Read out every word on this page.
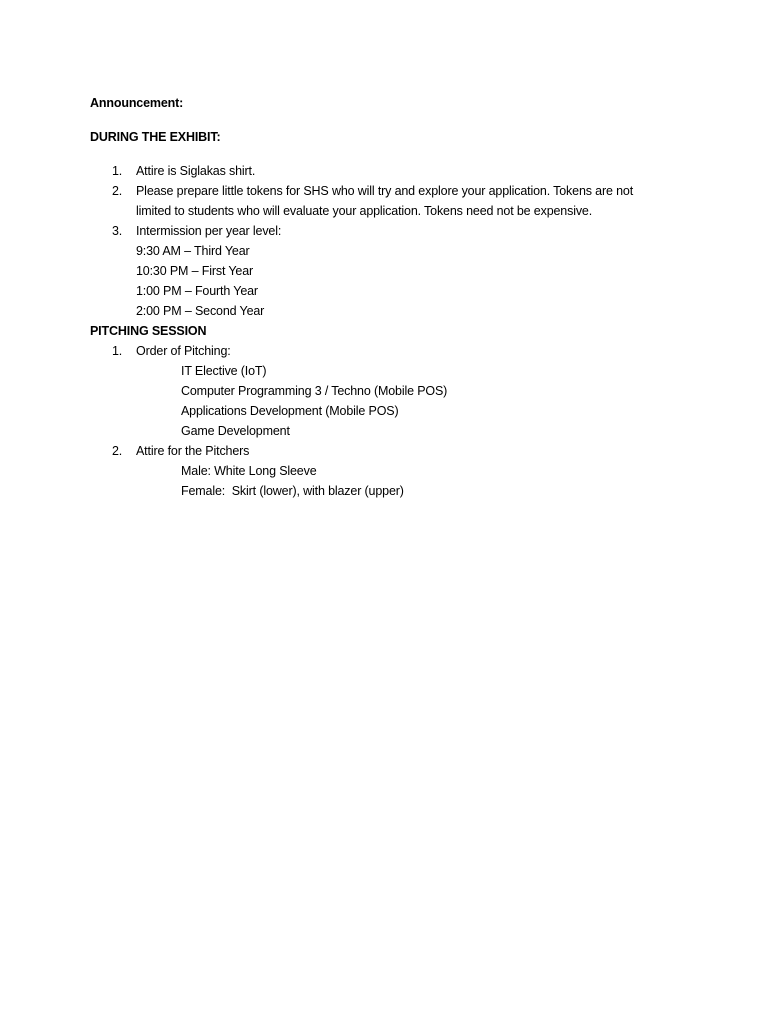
Announcement:

DURING THE EXHIBIT:

1. Attire is Siglakas shirt.
2. Please prepare little tokens for SHS who will try and explore your application. Tokens are not
limited to students who will evaluate your application. Tokens need not be expensive.
3. Intermission per year level:
9:30 AM – Third Year
10:30 PM – First Year
1:00 PM – Fourth Year
2:00 PM – Second Year

PITCHING SESSION

1. Order of Pitching:
IT Elective (IoT)
Computer Programming 3 / Techno (Mobile POS)
Applications Development (Mobile POS)
Game Development
2. Attire for the Pitchers
Male: White Long Sleeve
Female:  Skirt (lower), with blazer (upper)
